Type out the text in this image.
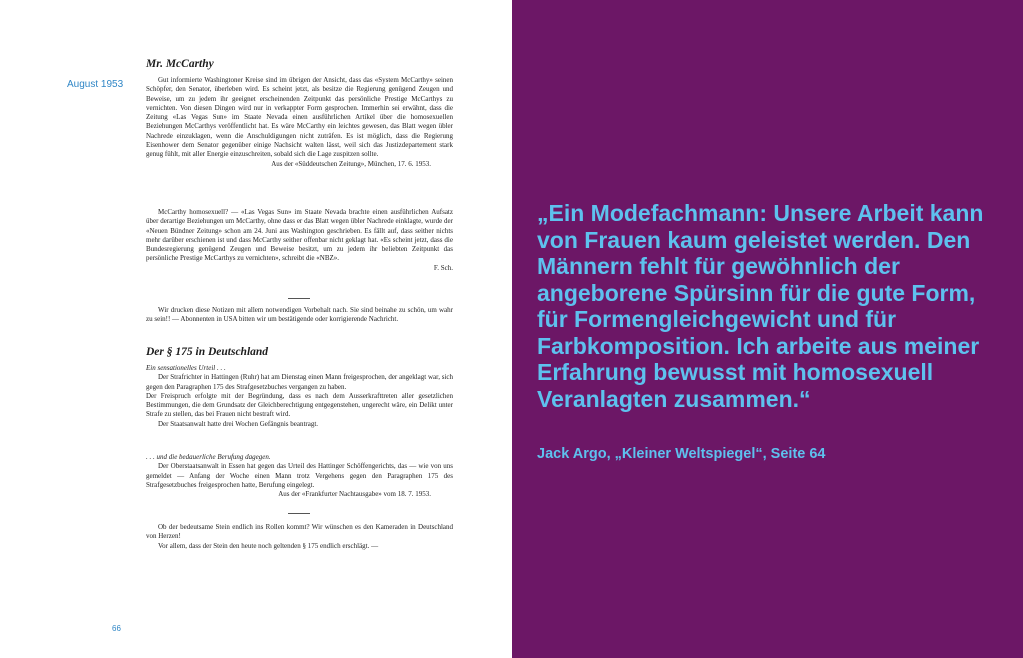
August 1953
Mr. McCarthy

Gut informierte Washingtoner Kreise sind im übrigen der Ansicht, dass das «System McCarthy» seinen Schöpfer, den Senator, überleben wird. Es scheint jetzt, als besitze die Regierung genügend Zeugen und Beweise, um zu jedem ihr geeignet erscheinenden Zeitpunkt das persönliche Prestige McCarthys zu vernichten. Von diesen Dingen wird nur in verkappter Form gesprochen. Immerhin sei erwähnt, dass die Zeitung «Las Vegas Sun» im Staate Nevada einen ausführlichen Artikel über die homosexuellen Beziehungen McCarthys veröffentlicht hat. Es wäre McCarthy ein leichtes gewesen, das Blatt wegen übler Nachrede einzuklagen, wenn die Anschuldigungen nicht zuträfen. Es ist möglich, dass die Regierung Eisenhower dem Senator gegenüber einige Nachsicht walten lässt, weil sich das Justizdepartement stark genug fühlt, mit aller Energie einzuschreiten, sobald sich die Lage zuspitzen sollte.

Aus der «Süddeutschen Zeitung», München, 17. 6. 1953.

McCarthy homosexuell? — «Las Vegas Sun» im Staate Nevada brachte einen ausführlichen Aufsatz über derartige Beziehungen um McCarthy, ohne dass er das Blatt wegen übler Nachrede einklagte, wurde der «Neuen Bündner Zeitung» schon am 24. Juni aus Washington geschrieben. Es fällt auf, dass seither nichts mehr darüber erschienen ist und dass McCarthy seither offenbar nicht geklagt hat. «Es scheint jetzt, dass die Bundesregierung genügend Zeugen und Beweise besitzt, um zu jedem ihr beliebten Zeitpunkt das persönliche Prestige McCarthys zu vernichten», schreibt die «NBZ».

F. Sch.

Wir drucken diese Notizen mit allem notwendigen Vorbehalt nach. Sie sind beinahe zu schön, um wahr zu sein!! — Abonnenten in USA bitten wir um bestätigende oder korrigierende Nachricht.

Der § 175 in Deutschland

Ein sensationelles Urteil . . .

Der Strafrichter in Hattingen (Ruhr) hat am Dienstag einen Mann freigesprochen, der angeklagt war, sich gegen den Paragraphen 175 des Strafgesetzbuches vergangen zu haben.

Der Freispruch erfolgte mit der Begründung, dass es nach dem Ausserkrafttreten aller gesetzlichen Bestimmungen, die dem Grundsatz der Gleichberechtigung entgegenstehen, ungerecht wäre, ein Delikt unter Strafe zu stellen, das bei Frauen nicht bestraft wird.

Der Staatsanwalt hatte drei Wochen Gefängnis beantragt.

. . . und die bedauerliche Berufung dagegen.

Der Oberstaatsanwalt in Essen hat gegen das Urteil des Hattinger Schöffengerichts, das — wie von uns gemeldet — Anfang der Woche einen Mann trotz Vergehens gegen den Paragraphen 175 des Strafgesetzbuches freigesprochen hatte, Berufung eingelegt.

Aus der «Frankfurter Nachtausgabe» vom 18. 7. 1953.

Ob der bedeutsame Stein endlich ins Rollen kommt? Wir wünschen es den Kameraden in Deutschland von Herzen!

Vor allem, dass der Stein den heute noch geltenden § 175 endlich erschlägt. —

66

„Ein Modefachmann: Unsere Arbeit kann von Frauen kaum geleistet werden. Den Männern fehlt für gewöhnlich der angeborene Spürsinn für die gute Form, für Formengleichgewicht und für Farbkomposition. Ich arbeite aus meiner Erfahrung bewusst mit homosexuell Veranlagten zusammen.“

Jack Argo, „Kleiner Weltspiegel“, Seite 64
